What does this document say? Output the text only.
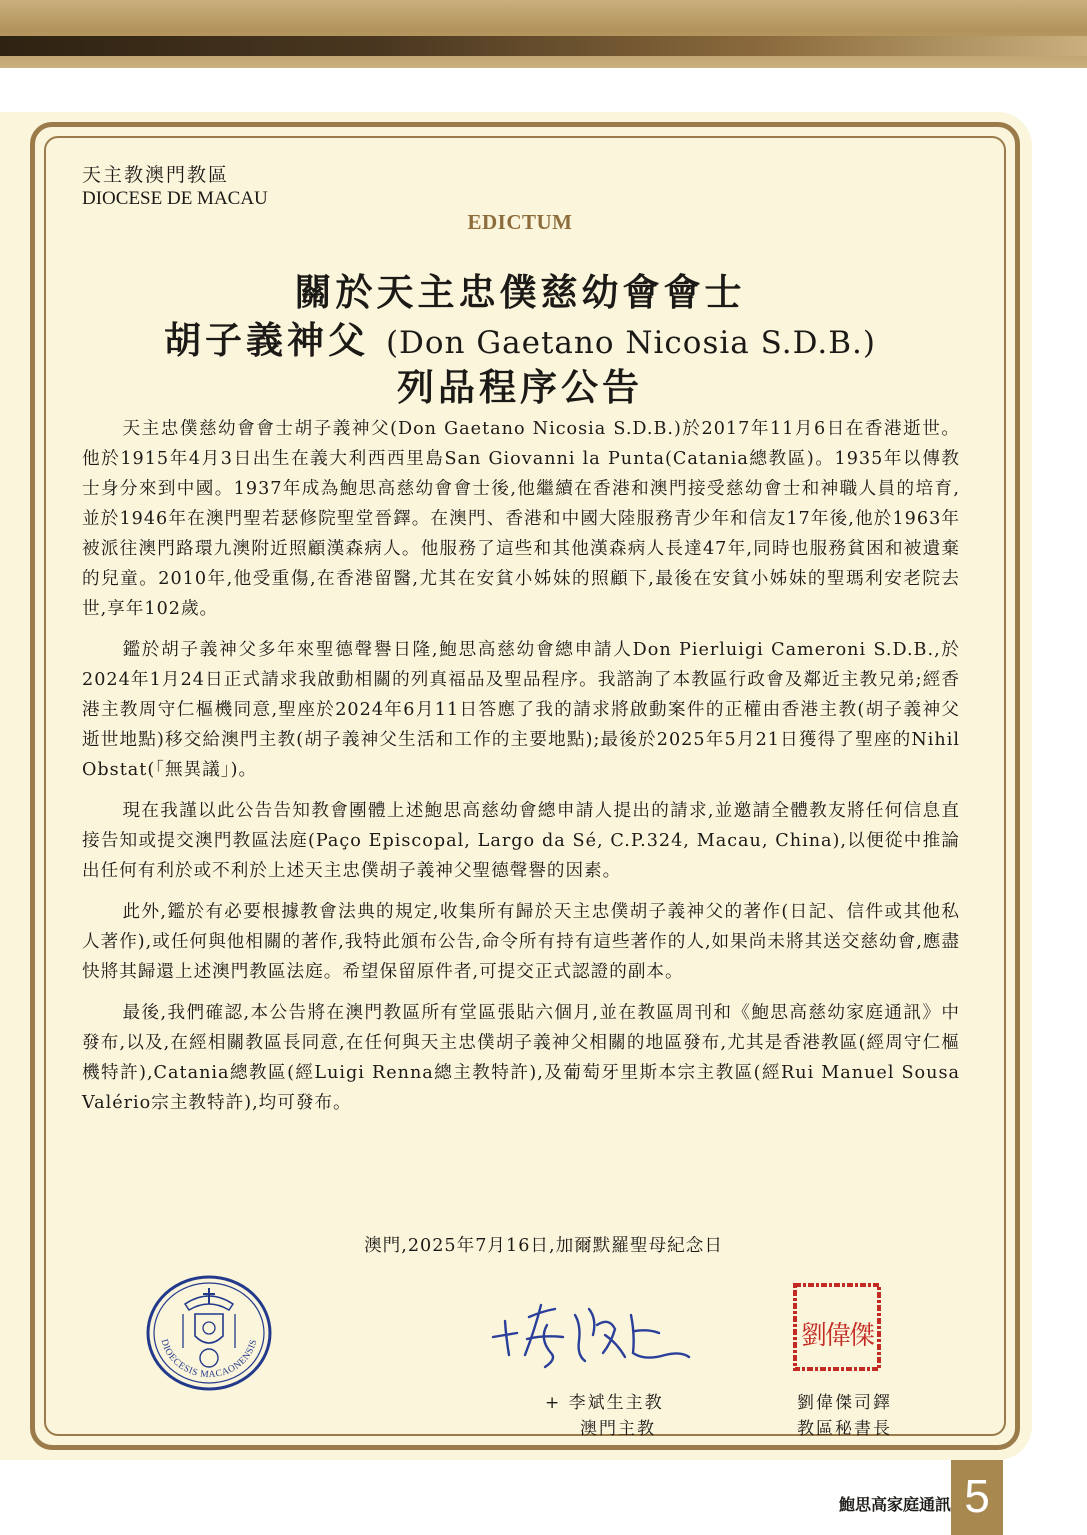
天主教澳門教區
DIOCESE DE MACAU
EDICTUM
關於天主忠僕慈幼會會士
胡子義神父 (Don Gaetano Nicosia S.D.B.)
列品程序公告

天主忠僕慈幼會會士胡子義神父(Don Gaetano Nicosia S.D.B.)於2017年11月6日在香港逝世。他於1915年4月3日出生在義大利西西里島San Giovanni la Punta(Catania總教區)。1935年以傳教士身分來到中國。1937年成為鮑思高慈幼會會士後,他繼續在香港和澳門接受慈幼會士和神職人員的培育,並於1946年在澳門聖若瑟修院聖堂晉鐸。在澳門、香港和中國大陸服務青少年和信友17年後,他於1963年被派往澳門路環九澳附近照顧漢森病人。他服務了這些和其他漢森病人長達47年,同時也服務貧困和被遺棄的兒童。2010年,他受重傷,在香港留醫,尤其在安貧小姊妹的照顧下,最後在安貧小姊妹的聖瑪利安老院去世,享年102歲。

鑑於胡子義神父多年來聖德聲譽日隆,鮑思高慈幼會總申請人Don Pierluigi Cameroni S.D.B.,於2024年1月24日正式請求我啟動相關的列真福品及聖品程序。我諮詢了本教區行政會及鄰近主教兄弟;經香港主教周守仁樞機同意,聖座於2024年6月11日答應了我的請求將啟動案件的正權由香港主教(胡子義神父逝世地點)移交給澳門主教(胡子義神父生活和工作的主要地點);最後於2025年5月21日獲得了聖座的Nihil Obstat(「無異議」)。

現在我謹以此公告告知教會團體上述鮑思高慈幼會總申請人提出的請求,並邀請全體教友將任何信息直接告知或提交澳門教區法庭(Paço Episcopal, Largo da Sé, C.P.324, Macau, China),以便從中推論出任何有利於或不利於上述天主忠僕胡子義神父聖德聲譽的因素。

此外,鑑於有必要根據教會法典的規定,收集所有歸於天主忠僕胡子義神父的著作(日記、信件或其他私人著作),或任何與他相關的著作,我特此頒布公告,命令所有持有這些著作的人,如果尚未將其送交慈幼會,應盡快將其歸還上述澳門教區法庭。希望保留原件者,可提交正式認證的副本。

最後,我們確認,本公告將在澳門教區所有堂區張貼六個月,並在教區周刊和《鮑思高慈幼家庭通訊》中發布,以及,在經相關教區長同意,在任何與天主忠僕胡子義神父相關的地區發布,尤其是香港教區(經周守仁樞機特許),Catania總教區(經Luigi Renna總主教特許),及葡萄牙里斯本宗主教區(經Rui Manuel Sousa Valério宗主教特許),均可發布。

澳門,2025年7月16日,加爾默羅聖母紀念日
DIOECESIS MACAONENSIS	劉偉傑
+ 李斌生主教
澳門主教
劉偉傑司鐸
教區秘書長
鮑思高家庭通訊 5
